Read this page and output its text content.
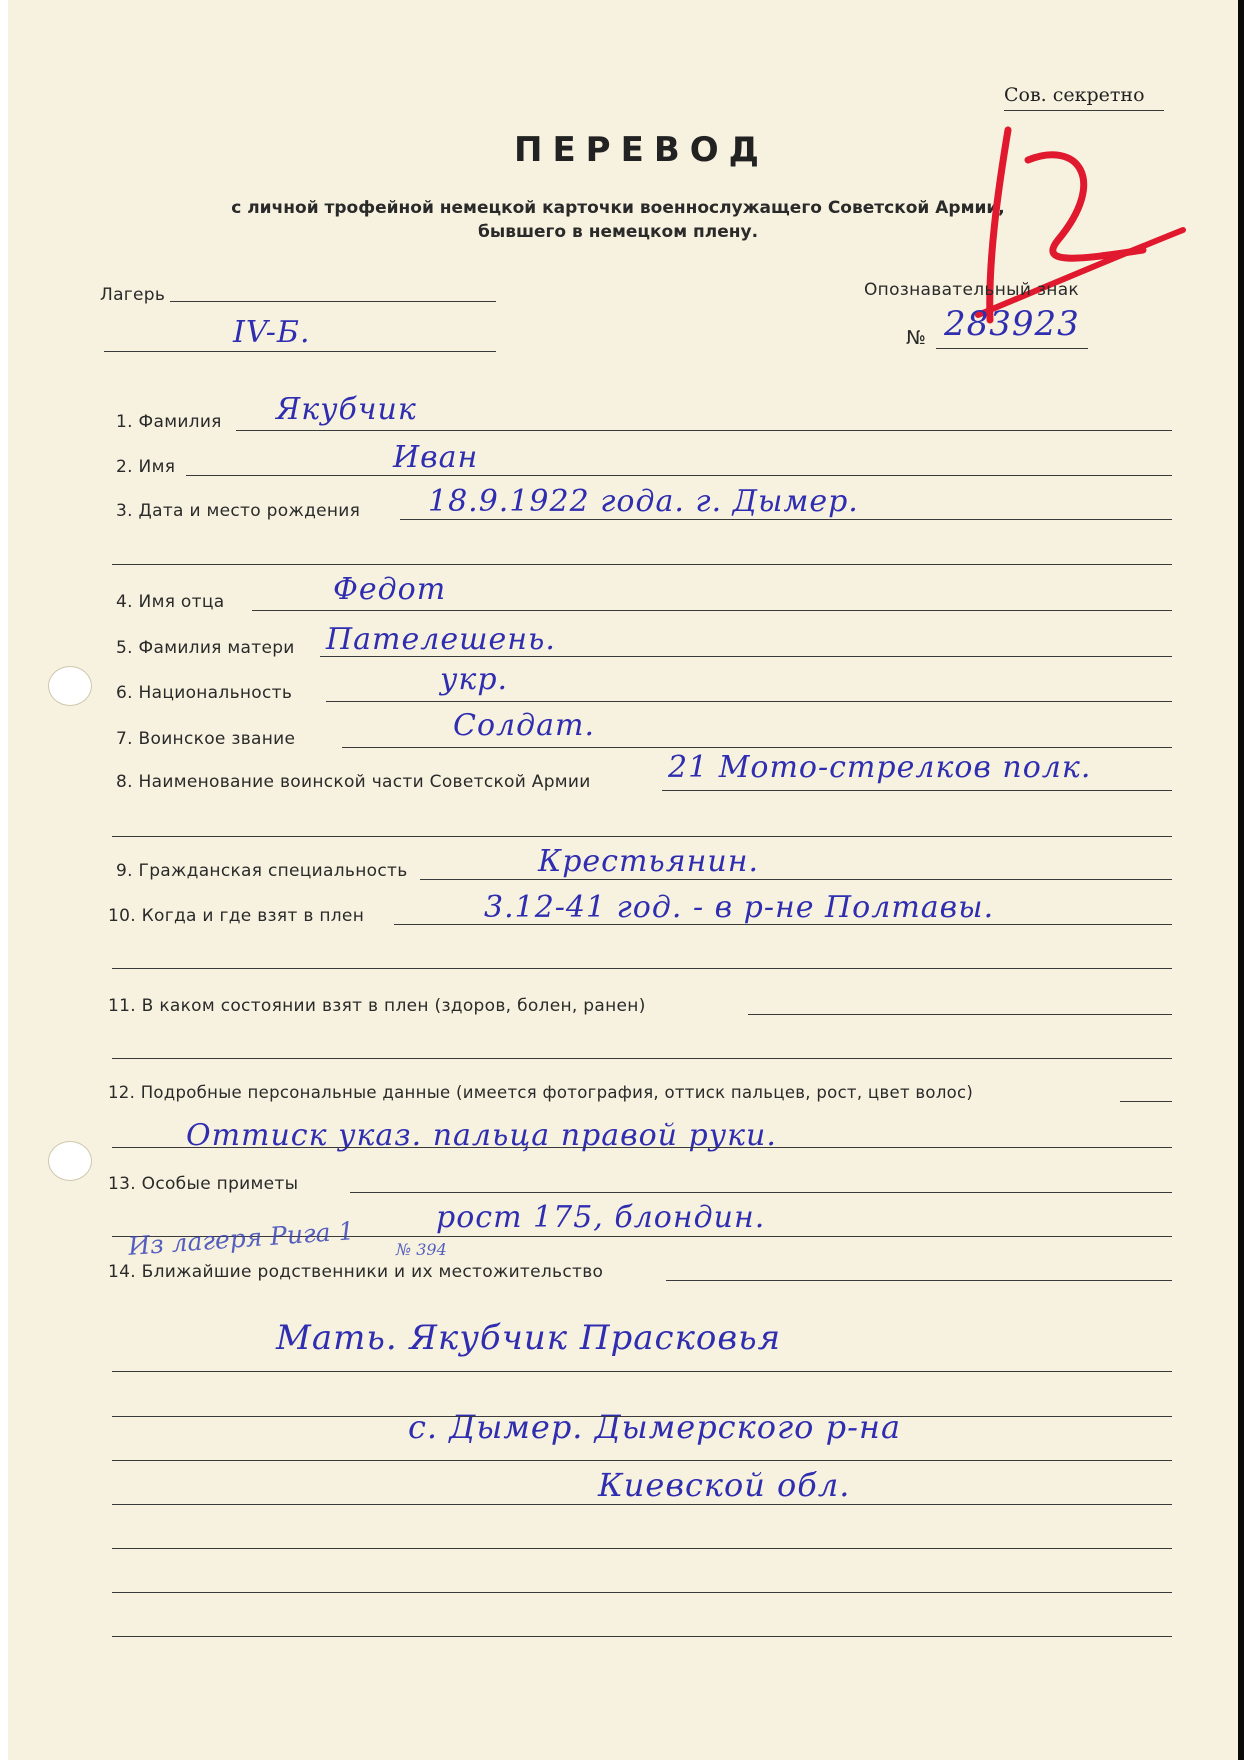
Сов. секретно
ПЕРЕВОД
с личной трофейной немецкой карточки военнослужащего Советской Армии,
бывшего в немецком плену.
Лагерь
IV-Б.
Опознавательный знак
№ 283923
1. Фамилия Якубчик
2. Имя	Иван
3. Дата и место рождения 18.9.1922 года. г. Дымер.
4. Имя отца	Федот
5. Фамилия матери Пателешень.
6. Национальность	укр.
7. Воинское звание	Солдат.
8. Наименование воинской части Советской Армии	21 Мото-стрелков полк.
9. Гражданская специальность	Крестьянин.
10. Когда и где взят в плен	3.12-41 год. - в р-не Полтавы.
11. В каком состоянии взят в плен (здоров, болен, ранен)
12. Подробные персональные данные (имеется фотография, оттиск пальцев, рост, цвет волос)
Оттиск указ. пальца правой руки.
13. Особые приметы
рост 175, блондин.
Из лагеря Рига 1	№ 394
14. Ближайшие родственники и их местожительство
Мать. Якубчик Прасковья
с. Дымер. Дымерского р-на
Киевской обл.
